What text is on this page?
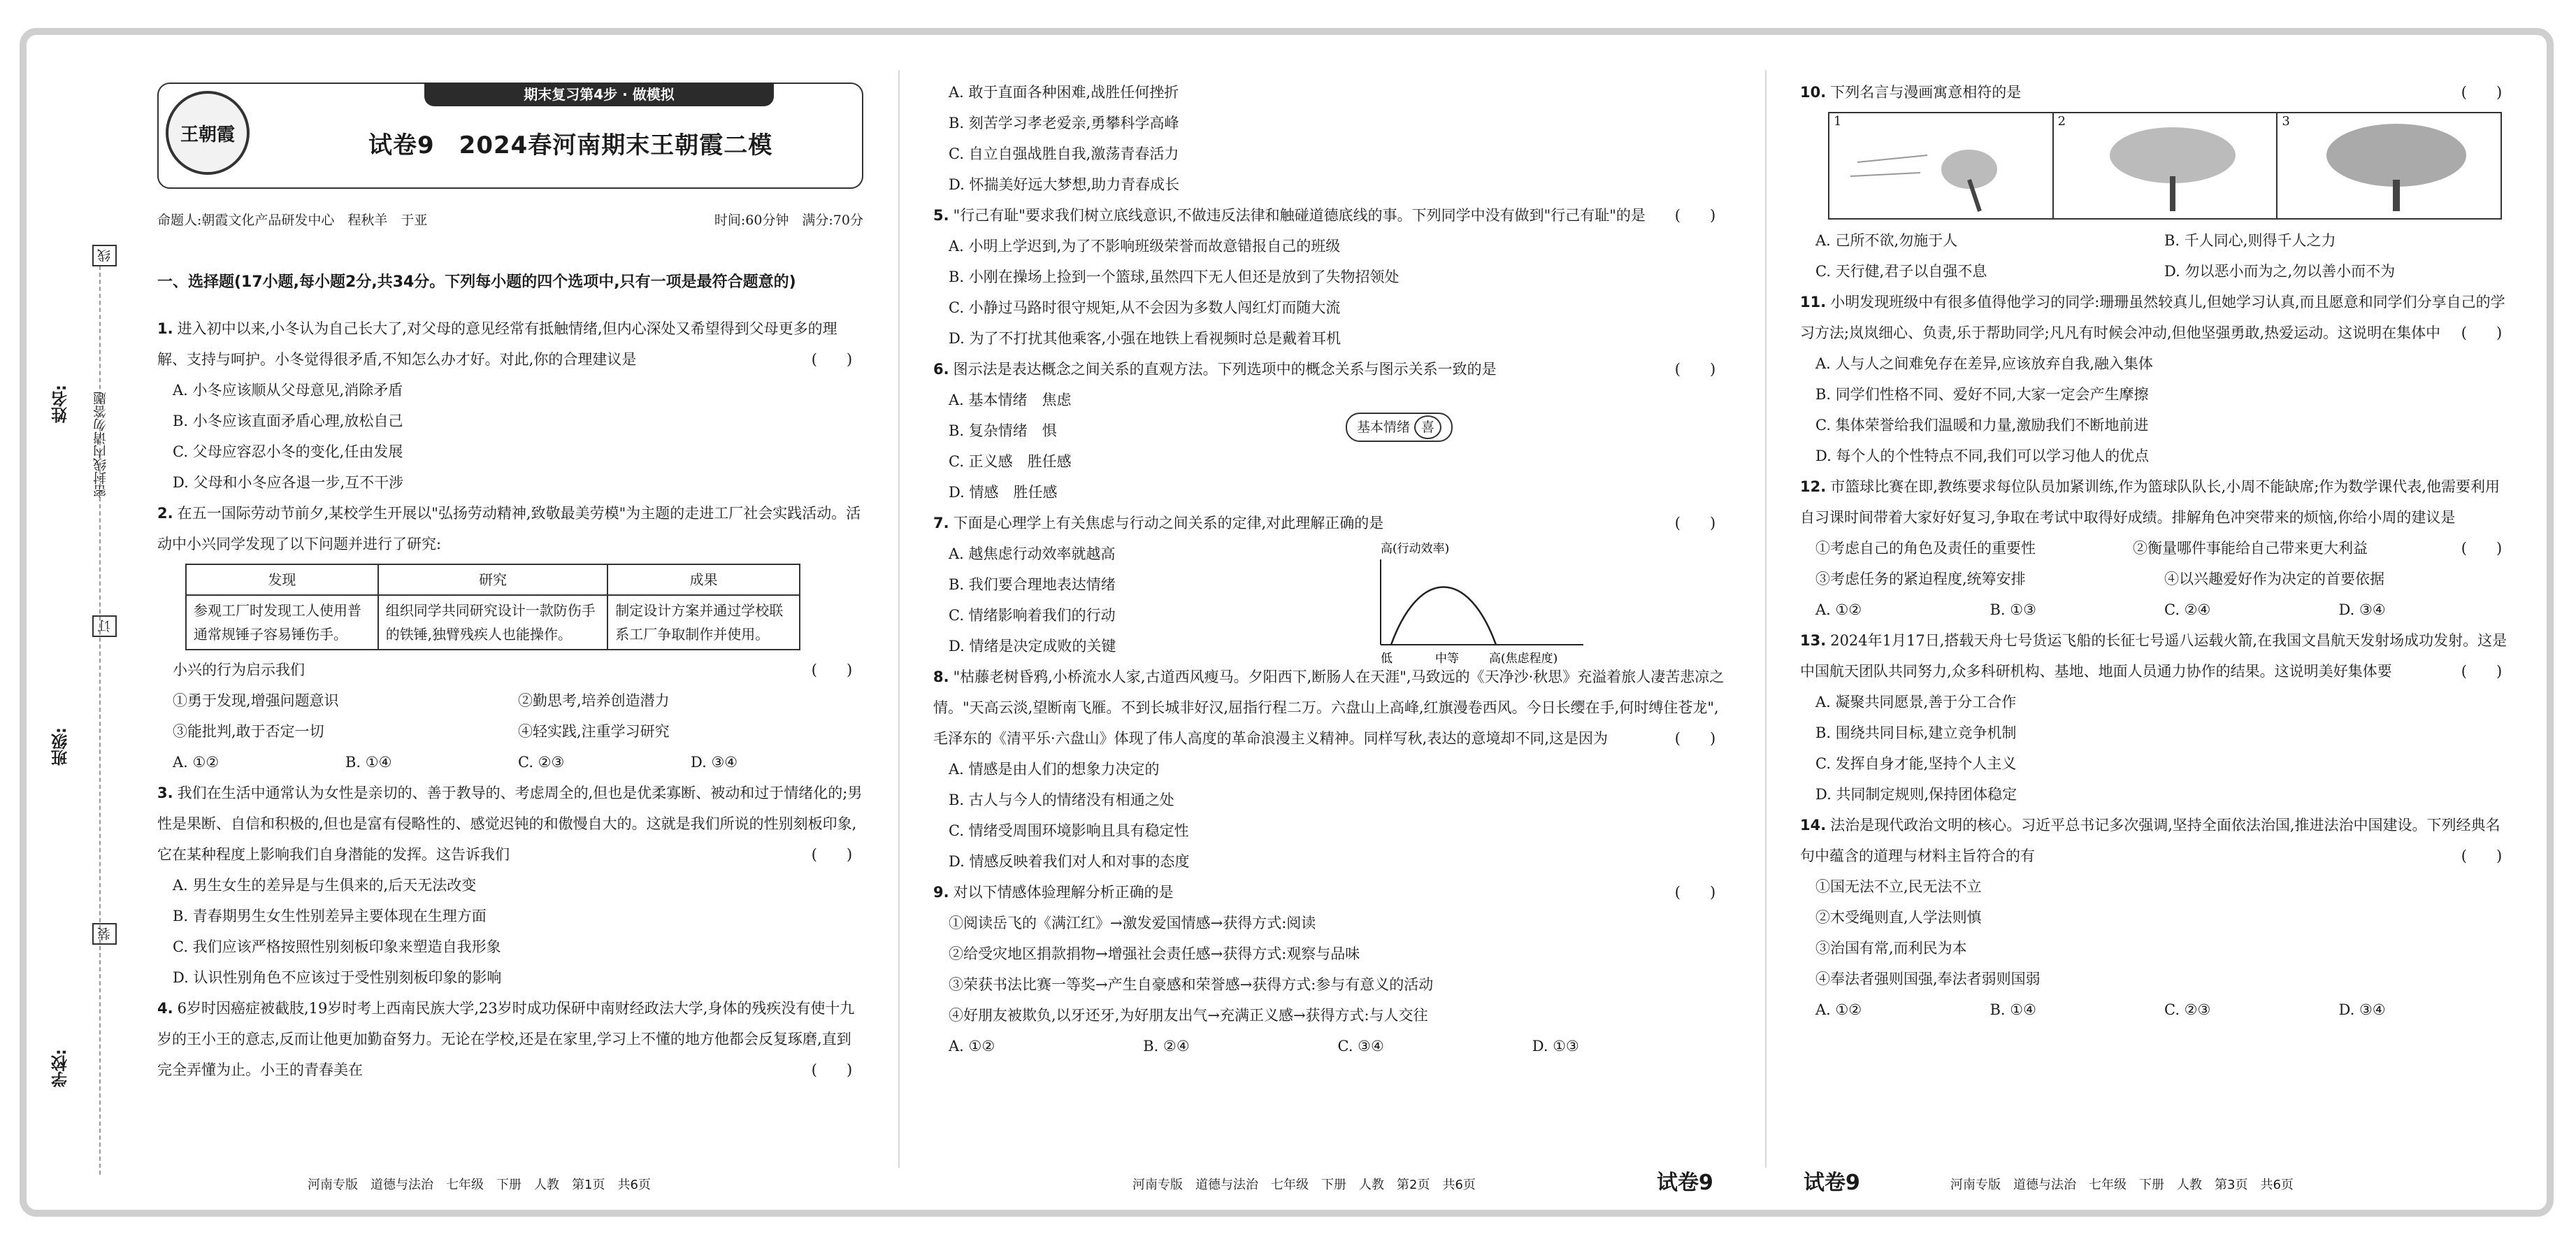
姓名: 密封线内请勿答题
订
班级:
装
学校:
线
期末复习第4步 · 做模拟
王朝霞	试卷9　2024春河南期末王朝霞二模
命题人:朝霞文化产品研发中心　程秋羊　于亚	时间:60分钟　满分:70分

一、选择题(17小题,每小题2分,共34分。下列每小题的四个选项中,只有一项是最符合题意的)

1. 进入初中以来,小冬认为自己长大了,对父母的意见经常有抵触情绪,但内心深处又希望得到父母更多的理解、支持与呵护。小冬觉得很矛盾,不知怎么办才好。对此,你的合理建议是	(　　)

A. 小冬应该顺从父母意见,消除矛盾

B. 小冬应该直面矛盾心理,放松自己

C. 父母应容忍小冬的变化,任由发展

D. 父母和小冬应各退一步,互不干涉

2. 在五一国际劳动节前夕,某校学生开展以"弘扬劳动精神,致敬最美劳模"为主题的走进工厂社会实践活动。活动中小兴同学发现了以下问题并进行了研究:

发现	研究	成果
参观工厂时发现工人使用普通常规锤子容易锤伤手。	组织同学共同研究设计一款防伤手的铁锤,独臂残疾人也能操作。	制定设计方案并通过学校联系工厂争取制作并使用。

小兴的行为启示我们	(　　)

①勇于发现,增强问题意识	②勤思考,培养创造潜力
③能批判,敢于否定一切	④轻实践,注重学习研究
A. ①②	B. ①④	C. ②③	D. ③④

3. 我们在生活中通常认为女性是亲切的、善于教导的、考虑周全的,但也是优柔寡断、被动和过于情绪化的;男性是果断、自信和积极的,但也是富有侵略性的、感觉迟钝的和傲慢自大的。这就是我们所说的性别刻板印象,它在某种程度上影响我们自身潜能的发挥。这告诉我们	(　　)

A. 男生女生的差异是与生俱来的,后天无法改变

B. 青春期男生女生性别差异主要体现在生理方面

C. 我们应该严格按照性别刻板印象来塑造自我形象

D. 认识性别角色不应该过于受性别刻板印象的影响

4. 6岁时因癌症被截肢,19岁时考上西南民族大学,23岁时成功保研中南财经政法大学,身体的残疾没有使十九岁的王小王的意志,反而让他更加勤奋努力。无论在学校,还是在家里,学习上不懂的地方他都会反复琢磨,直到完全弄懂为止。小王的青春美在	(　　)

A. 敢于直面各种困难,战胜任何挫折

B. 刻苦学习孝老爱亲,勇攀科学高峰

C. 自立自强战胜自我,激荡青春活力

D. 怀揣美好远大梦想,助力青春成长

5. "行己有耻"要求我们树立底线意识,不做违反法律和触碰道德底线的事。下列同学中没有做到"行己有耻"的是	(　　)

A. 小明上学迟到,为了不影响班级荣誉而故意错报自己的班级

B. 小刚在操场上捡到一个篮球,虽然四下无人但还是放到了失物招领处

C. 小静过马路时很守规矩,从不会因为多数人闯红灯而随大流

D. 为了不打扰其他乘客,小强在地铁上看视频时总是戴着耳机

6. 图示法是表达概念之间关系的直观方法。下列选项中的概念关系与图示关系一致的是	(　　)

A. 基本情绪　焦虑

B. 复杂情绪　惧

C. 正义感　胜任感

D. 情感　胜任感

基本情绪 喜

7. 下面是心理学上有关焦虑与行动之间关系的定律,对此理解正确的是	(　　)

A. 越焦虑行动效率就越高

B. 我们要合理地表达情绪

C. 情绪影响着我们的行动

D. 情绪是决定成败的关键

高(行动效率)
低	中等	高(焦虑程度)

8. "枯藤老树昏鸦,小桥流水人家,古道西风瘦马。夕阳西下,断肠人在天涯",马致远的《天净沙·秋思》充溢着旅人凄苦悲凉之情。"天高云淡,望断南飞雁。不到长城非好汉,屈指行程二万。六盘山上高峰,红旗漫卷西风。今日长缨在手,何时缚住苍龙",毛泽东的《清平乐·六盘山》体现了伟人高度的革命浪漫主义精神。同样写秋,表达的意境却不同,这是因为	(　　)

A. 情感是由人们的想象力决定的

B. 古人与今人的情绪没有相通之处

C. 情绪受周围环境影响且具有稳定性

D. 情感反映着我们对人和对事的态度

9. 对以下情感体验理解分析正确的是	(　　)

①阅读岳飞的《满江红》→激发爱国情感→获得方式:阅读

②给受灾地区捐款捐物→增强社会责任感→获得方式:观察与品味

③荣获书法比赛一等奖→产生自豪感和荣誉感→获得方式:参与有意义的活动

④好朋友被欺负,以牙还牙,为好朋友出气→充满正义感→获得方式:与人交往

A. ①②	B. ②④	C. ③④	D. ①③

10. 下列名言与漫画寓意相符的是	(　　)

1	2	3
A. 己所不欲,勿施于人	B. 千人同心,则得千人之力
C. 天行健,君子以自强不息	D. 勿以恶小而为之,勿以善小而不为

11. 小明发现班级中有很多值得他学习的同学:珊珊虽然较真儿,但她学习认真,而且愿意和同学们分享自己的学习方法;岚岚细心、负责,乐于帮助同学;凡凡有时候会冲动,但他坚强勇敢,热爱运动。这说明在集体中	(　　)

A. 人与人之间难免存在差异,应该放弃自我,融入集体

B. 同学们性格不同、爱好不同,大家一定会产生摩擦

C. 集体荣誉给我们温暖和力量,激励我们不断地前进

D. 每个人的个性特点不同,我们可以学习他人的优点

12. 市篮球比赛在即,教练要求每位队员加紧训练,作为篮球队队长,小周不能缺席;作为数学课代表,他需要利用自习课时间带着大家好好复习,争取在考试中取得好成绩。排解角色冲突带来的烦恼,你给小周的建议是
(　　)

①考虑自己的角色及责任的重要性	②衡量哪件事能给自己带来更大利益
③考虑任务的紧迫程度,统筹安排	④以兴趣爱好作为决定的首要依据
A. ①②	B. ①③	C. ②④	D. ③④

13. 2024年1月17日,搭载天舟七号货运飞船的长征七号遥八运载火箭,在我国文昌航天发射场成功发射。这是中国航天团队共同努力,众多科研机构、基地、地面人员通力协作的结果。这说明美好集体要	(　　)

A. 凝聚共同愿景,善于分工合作

B. 围绕共同目标,建立竞争机制

C. 发挥自身才能,坚持个人主义

D. 共同制定规则,保持团体稳定

14. 法治是现代政治文明的核心。习近平总书记多次强调,坚持全面依法治国,推进法治中国建设。下列经典名句中蕴含的道理与材料主旨符合的有	(　　)

①国无法不立,民无法不立

②木受绳则直,人学法则慎

③治国有常,而利民为本

④奉法者强则国强,奉法者弱则国弱

A. ①②	B. ①④	C. ②③	D. ③④
河南专版　道德与法治　七年级　下册　人教　第1页　共6页	河南专版　道德与法治　七年级　下册　人教　第2页　共6页	试卷9	试卷9	河南专版　道德与法治　七年级　下册　人教　第3页　共6页
